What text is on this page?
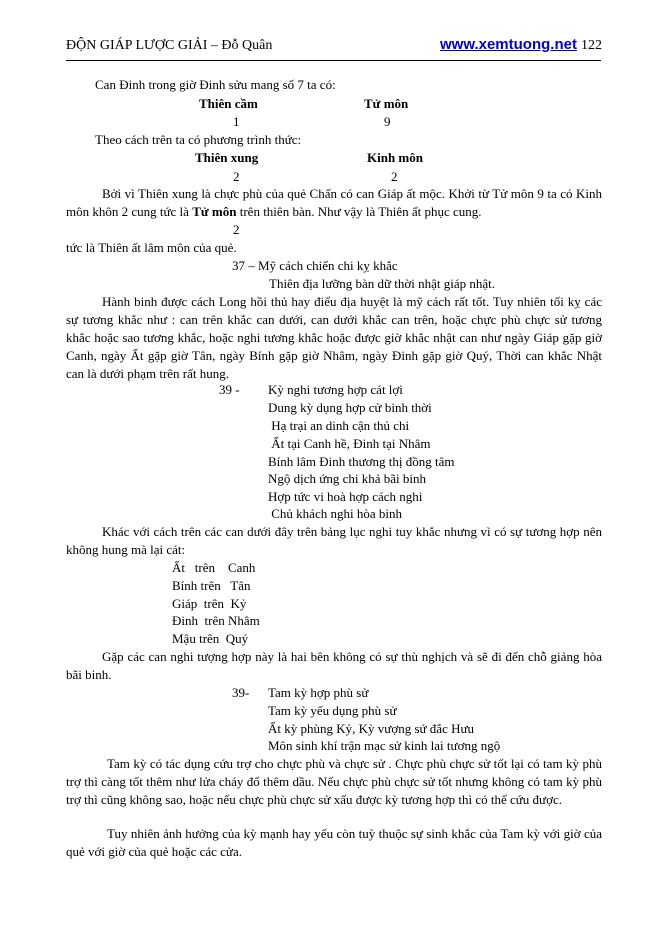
ĐỘN GIÁP LƯỢC GIẢI – Đỗ Quân	www.xemtuong.net 122
Can Đinh trong giờ Đinh sửu mang số 7 ta có:
Thiên cầm	Tử môn
1	9
Theo cách trên ta có phương trình thức:
Thiên xung	Kinh môn
2	2
Bởi vì Thiên xung là chực phù của quẻ Chấn có can Giáp ất mộc. Khởi từ Tử môn 9 ta có Kinh môn khôn 2 cung tức là Tử môn trên thiên bàn. Như vậy là Thiên ất phục cung.
2
tức là Thiên ất lâm môn của quẻ.
37 – Mỹ cách chiến chi kỵ khắc
Thiên địa lưỡng bàn dữ thời nhật giáp nhật.
Hành binh được cách Long hồi thủ hay điểu địa huyệt là mỹ cách rất tốt. Tuy nhiên tối kỵ các sự tương khắc như : can trên khắc can dưới, can dưới khắc can trên, hoặc chực phù chực sử tương khắc hoặc sao tương khắc, hoặc nghi tương khắc hoặc được giờ khắc nhật can như ngày Giáp gặp giờ Canh, ngày Ất gặp giờ Tân, ngày Bính gặp giờ Nhâm, ngày Đinh gặp giờ Quý, Thời can khắc Nhật can là dưới phạm trên rất hung.
39 - Kỳ nghi tương hợp cát lợi
Dung kỳ dụng hợp cử binh thời
Hạ trại an dinh cận thủ chi
Ất tại Canh hề, Đinh tại Nhâm
Bính lâm Đinh thương thị đồng tâm
Ngộ dịch ứng chi khả bãi binh
Hợp tức vi hoà hợp cách nghi
Chủ khách nghi hòa binh
Khác với cách trên các can dưới đây trên bảng lục nghi tuy khắc nhưng vì có sự tương hợp nên không hung mà lại cát:
Ất   trên    Canh
Bính trên   Tân
Giáp  trên  Kỷ
Đinh  trên Nhâm
Mậu trên  Quý
Gặp các can nghi tượng hợp này là hai bên không có sự thù nghịch và sẽ đi đến chỗ giảng hòa bãi binh.
39- Tam kỳ hợp phù sử
Tam kỳ yếu dụng phù sử
Ất kỳ phùng Kỷ, Kỳ vượng sứ đắc Hưu
Môn sinh khí trận mạc sử kinh lai tương ngộ
Tam kỳ có tác dụng cứu trợ cho chực phù và chực sử . Chực phù chực sử tốt lại có tam kỳ phù trợ thì càng tốt thêm như lửa cháy đổ thêm dầu. Nếu chực phù chực sử tốt nhưng không có tam kỳ phù trợ thì cũng không sao, hoặc nếu chực phù chực sử xấu được kỳ tương hợp thì có thể cứu được.
Tuy nhiên ảnh hưởng của kỳ mạnh hay yếu còn tuỳ thuộc sự sinh khắc của Tam kỳ với giờ của quẻ với giờ của quẻ hoặc các cửa.
